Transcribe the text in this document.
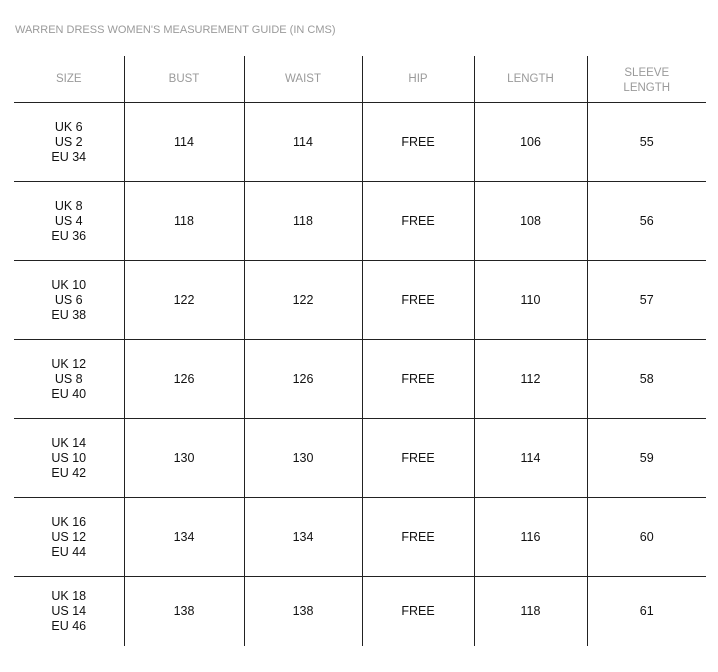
WARREN DRESS WOMEN'S MEASUREMENT GUIDE (IN CMS)
SIZE	BUST	WAIST	HIP	LENGTH	SLEEVE
LENGTH

UK 6
US 2
EU 34	114	114	FREE	106	55

UK 8
US 4
EU 36	118	118	FREE	108	56

UK 10
US 6
EU 38	122	122	FREE	110	57

UK 12
US 8
EU 40	126	126	FREE	112	58

UK 14
US 10
EU 42	130	130	FREE	114	59

UK 16
US 12
EU 44	134	134	FREE	116	60

UK 18
US 14
EU 46	138	138	FREE	118	61
